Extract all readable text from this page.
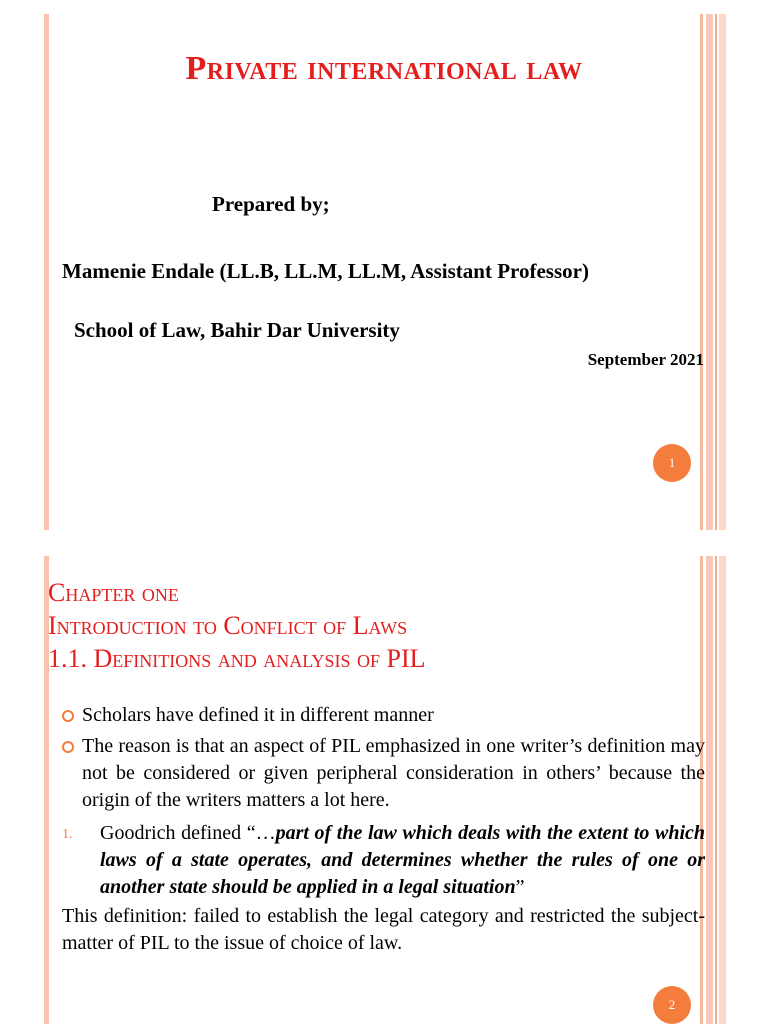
Private international law
Prepared by;
Mamenie Endale (LL.B, LL.M, LL.M, Assistant Professor)
School of Law, Bahir Dar University
September 2021
1
Chapter one
Introduction to Conflict of Laws
1.1. Definitions and analysis of PIL
Scholars have defined it in different manner
The reason is that an aspect of PIL emphasized in one writer’s definition may not be considered or given peripheral consideration in others’ because the origin of the writers matters a lot here.
1. Goodrich defined “…part of the law which deals with the extent to which laws of a state operates, and determines whether the rules of one or another state should be applied in a legal situation”
This definition: failed to establish the legal category and restricted the subject-matter of PIL to the issue of choice of law.
2
